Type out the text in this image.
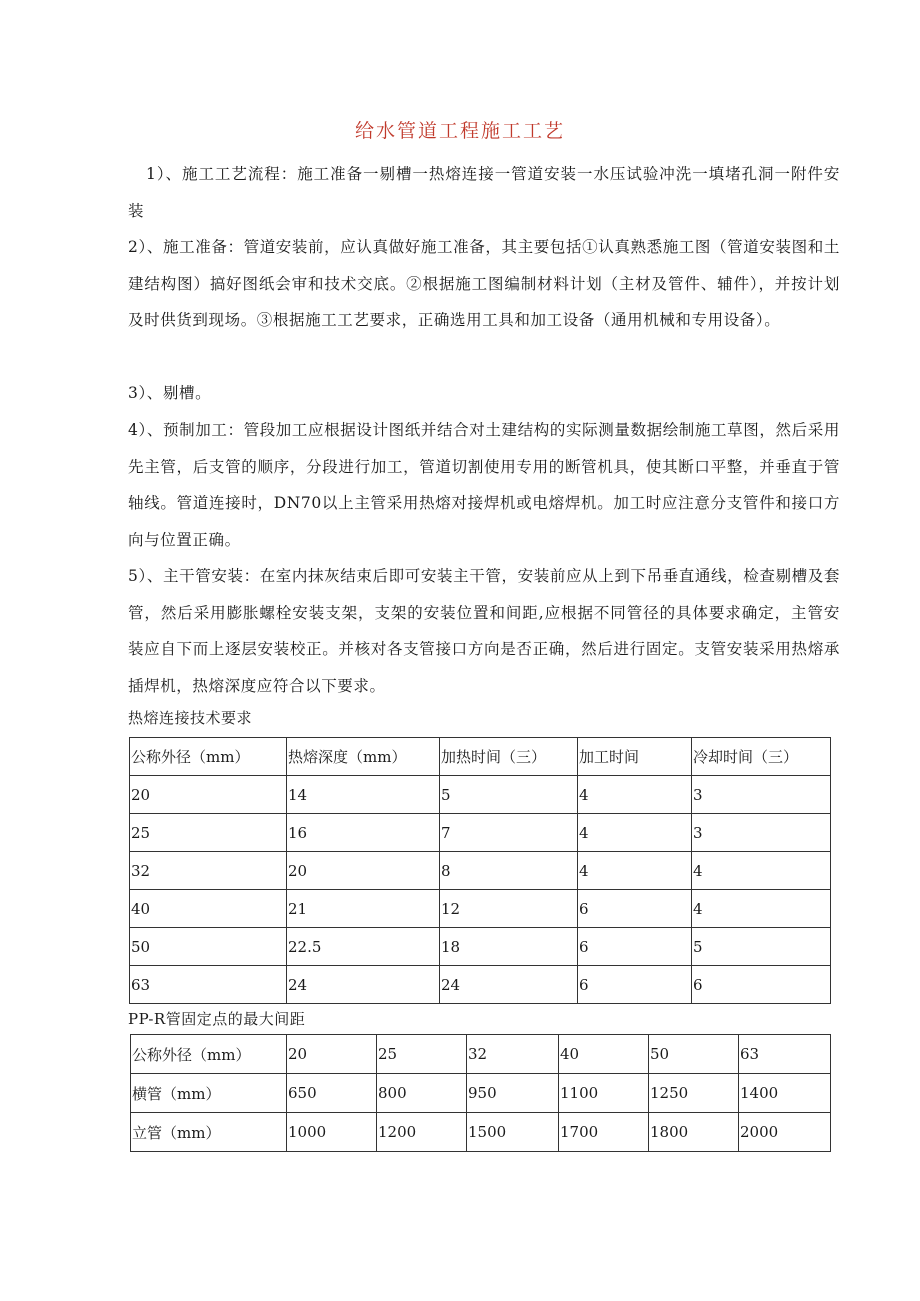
给水管道工程施工工艺
1）、施工工艺流程：施工准备一剔槽一热熔连接一管道安装一水压试验冲洗一填堵孔洞一附件安装
2）、施工准备：管道安装前，应认真做好施工准备，其主要包括①认真熟悉施工图（管道安装图和土建结构图）搞好图纸会审和技术交底。②根据施工图编制材料计划（主材及管件、辅件），并按计划及时供货到现场。③根据施工工艺要求，正确选用工具和加工设备（通用机械和专用设备）。
3）、剔槽。
4）、预制加工：管段加工应根据设计图纸并结合对土建结构的实际测量数据绘制施工草图，然后采用先主管，后支管的顺序，分段进行加工，管道切割使用专用的断管机具，使其断口平整，并垂直于管轴线。管道连接时，DN70以上主管采用热熔对接焊机或电熔焊机。加工时应注意分支管件和接口方向与位置正确。
5）、主干管安装：在室内抹灰结束后即可安装主干管，安装前应从上到下吊垂直通线，检查剔槽及套管，然后采用膨胀螺栓安装支架，支架的安装位置和间距,应根据不同管径的具体要求确定，主管安装应自下而上逐层安装校正。并核对各支管接口方向是否正确，然后进行固定。支管安装采用热熔承插焊机，热熔深度应符合以下要求。
热熔连接技术要求
公称外径（mm）	热熔深度（mm）	加热时间（三）	加工时间	冷却时间（三）
20	14	5	4	3
25	16	7	4	3
32	20	8	4	4
40	21	12	6	4
50	22.5	18	6	5
63	24	24	6	6
PP-R管固定点的最大间距
公称外径（mm）	20	25	32	40	50	63
横管（mm）	650	800	950	1100	1250	1400
立管（mm）	1000	1200	1500	1700	1800	2000
